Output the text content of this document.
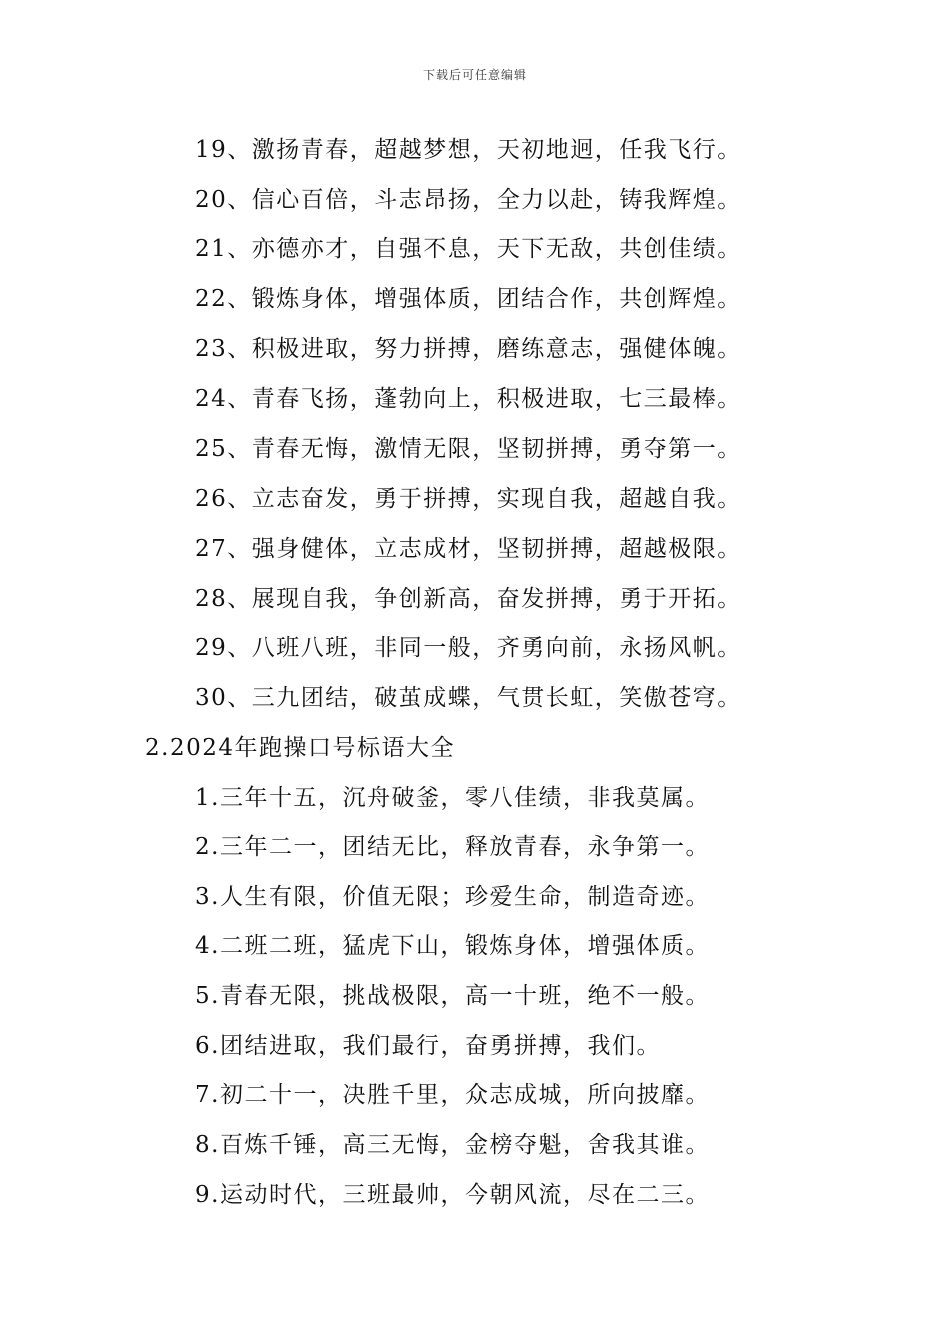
下载后可任意编辑
19、激扬青春，超越梦想，天初地迥，任我飞行。
20、信心百倍，斗志昂扬，全力以赴，铸我辉煌。
21、亦德亦才，自强不息，天下无敌，共创佳绩。
22、锻炼身体，增强体质，团结合作，共创辉煌。
23、积极进取，努力拼搏，磨练意志，强健体魄。
24、青春飞扬，蓬勃向上，积极进取，七三最棒。
25、青春无悔，激情无限，坚韧拼搏，勇夺第一。
26、立志奋发，勇于拼搏，实现自我，超越自我。
27、强身健体，立志成材，坚韧拼搏，超越极限。
28、展现自我，争创新高，奋发拼搏，勇于开拓。
29、八班八班，非同一般，齐勇向前，永扬风帆。
30、三九团结，破茧成蝶，气贯长虹，笑傲苍穹。
2.2024年跑操口号标语大全
1.三年十五，沉舟破釜，零八佳绩，非我莫属。
2.三年二一，团结无比，释放青春，永争第一。
3.人生有限，价值无限；珍爱生命，制造奇迹。
4.二班二班，猛虎下山，锻炼身体，增强体质。
5.青春无限，挑战极限，高一十班，绝不一般。
6.团结进取，我们最行，奋勇拼搏，我们。
7.初二十一，决胜千里，众志成城，所向披靡。
8.百炼千锤，高三无悔，金榜夺魁，舍我其谁。
9.运动时代，三班最帅，今朝风流，尽在二三。
